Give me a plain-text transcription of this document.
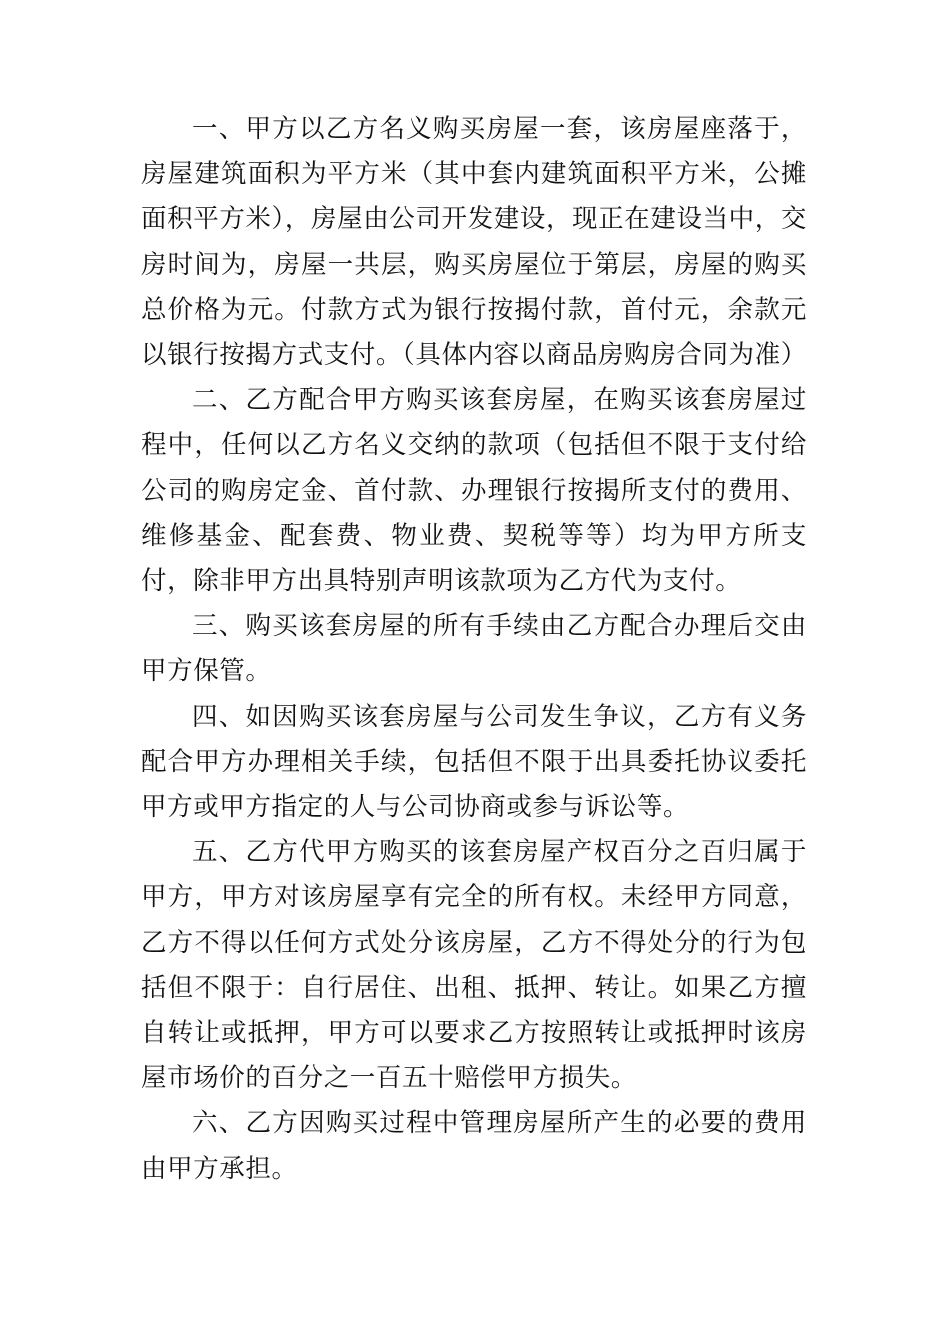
一、甲方以乙方名义购买房屋一套，该房屋座落于，房屋建筑面积为平方米（其中套内建筑面积平方米，公摊面积平方米），房屋由公司开发建设，现正在建设当中，交房时间为，房屋一共层，购买房屋位于第层，房屋的购买总价格为元。付款方式为银行按揭付款，首付元，余款元以银行按揭方式支付。（具体内容以商品房购房合同为准）

二、乙方配合甲方购买该套房屋，在购买该套房屋过程中，任何以乙方名义交纳的款项（包括但不限于支付给公司的购房定金、首付款、办理银行按揭所支付的费用、维修基金、配套费、物业费、契税等等）均为甲方所支付，除非甲方出具特别声明该款项为乙方代为支付。

三、购买该套房屋的所有手续由乙方配合办理后交由甲方保管。

四、如因购买该套房屋与公司发生争议，乙方有义务配合甲方办理相关手续，包括但不限于出具委托协议委托甲方或甲方指定的人与公司协商或参与诉讼等。

五、乙方代甲方购买的该套房屋产权百分之百归属于甲方，甲方对该房屋享有完全的所有权。未经甲方同意，乙方不得以任何方式处分该房屋，乙方不得处分的行为包括但不限于：自行居住、出租、抵押、转让。如果乙方擅自转让或抵押，甲方可以要求乙方按照转让或抵押时该房屋市场价的百分之一百五十赔偿甲方损失。

六、乙方因购买过程中管理房屋所产生的必要的费用由甲方承担。
